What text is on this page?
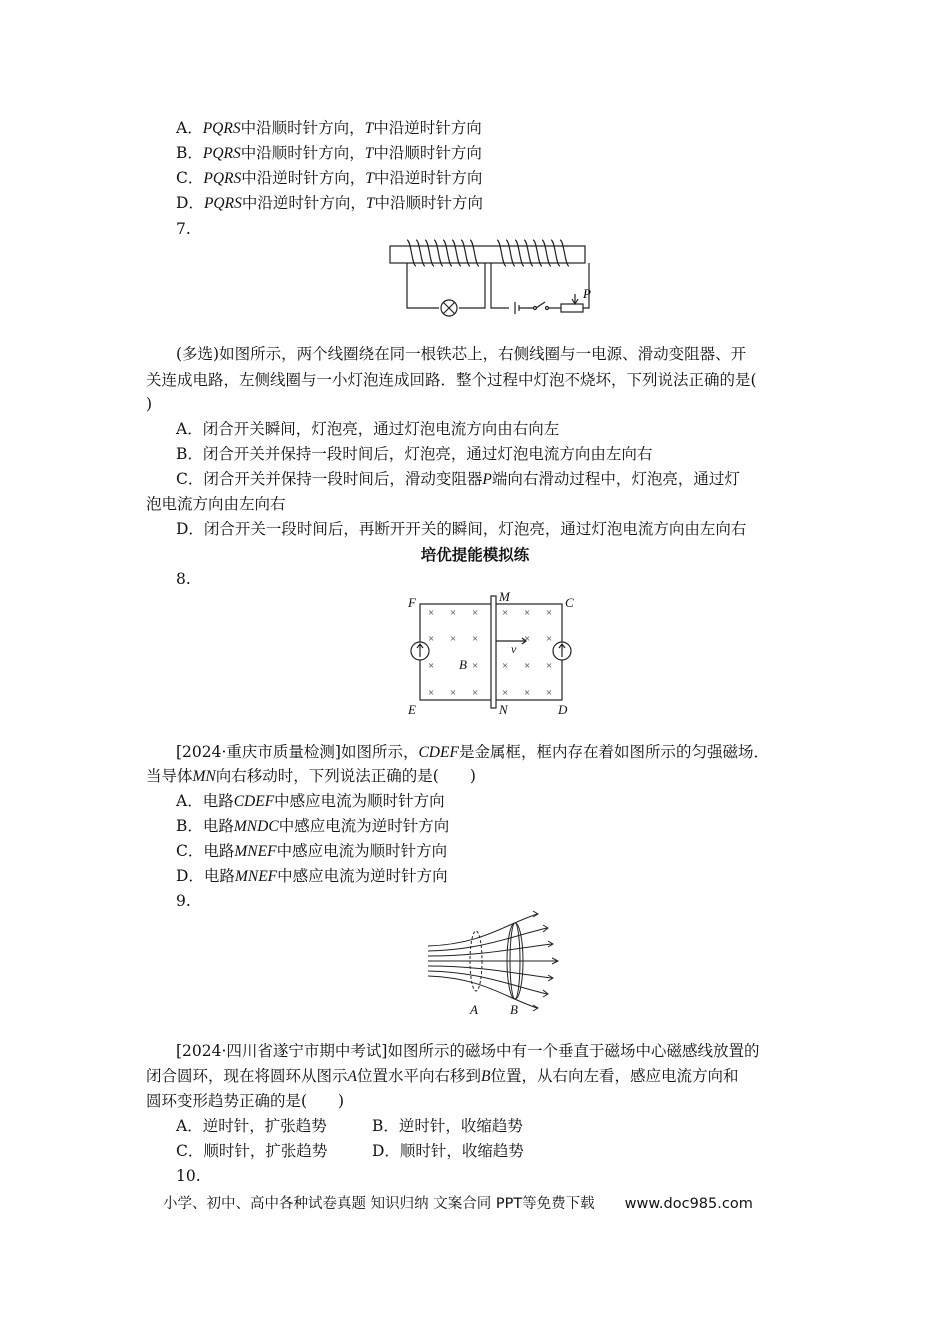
A．PQRS中沿顺时针方向，T中沿逆时针方向
B．PQRS中沿顺时针方向，T中沿顺时针方向
C．PQRS中沿逆时针方向，T中沿逆时针方向
D．PQRS中沿逆时针方向，T中沿顺时针方向
7.
P
(多选)如图所示，两个线圈绕在同一根铁芯上，右侧线圈与一电源、滑动变阻器、开
关连成电路，左侧线圈与一小灯泡连成回路．整个过程中灯泡不烧坏，下列说法正确的是(
)
A．闭合开关瞬间，灯泡亮，通过灯泡电流方向由右向左
B．闭合开关并保持一段时间后，灯泡亮，通过灯泡电流方向由左向右
C．闭合开关并保持一段时间后，滑动变阻器P端向右滑动过程中，灯泡亮，通过灯
泡电流方向由左向右
D．闭合开关一段时间后，再断开开关的瞬间，灯泡亮，通过灯泡电流方向由左向右
培优提能模拟练
8.
× × × × × ×
× × ×	× ×
×	× × × ×
× × × × × ×
F	M	C
E	N	D
B
v
[2024·重庆市质量检测]如图所示，CDEF是金属框，框内存在着如图所示的匀强磁场．
当导体MN向右移动时，下列说法正确的是(　　)
A．电路CDEF中感应电流为顺时针方向
B．电路MNDC中感应电流为逆时针方向
C．电路MNEF中感应电流为顺时针方向
D．电路MNEF中感应电流为逆时针方向
9.
A B
[2024·四川省遂宁市期中考试]如图所示的磁场中有一个垂直于磁场中心磁感线放置的
闭合圆环，现在将圆环从图示A位置水平向右移到B位置，从右向左看，感应电流方向和
圆环变形趋势正确的是(　　)
A．逆时针，扩张趋势	B．逆时针，收缩趋势
C．顺时针，扩张趋势	D．顺时针，收缩趋势
10.
小学、初中、高中各种试卷真题 知识归纳 文案合同 PPT等免费下载 www.doc985.com
